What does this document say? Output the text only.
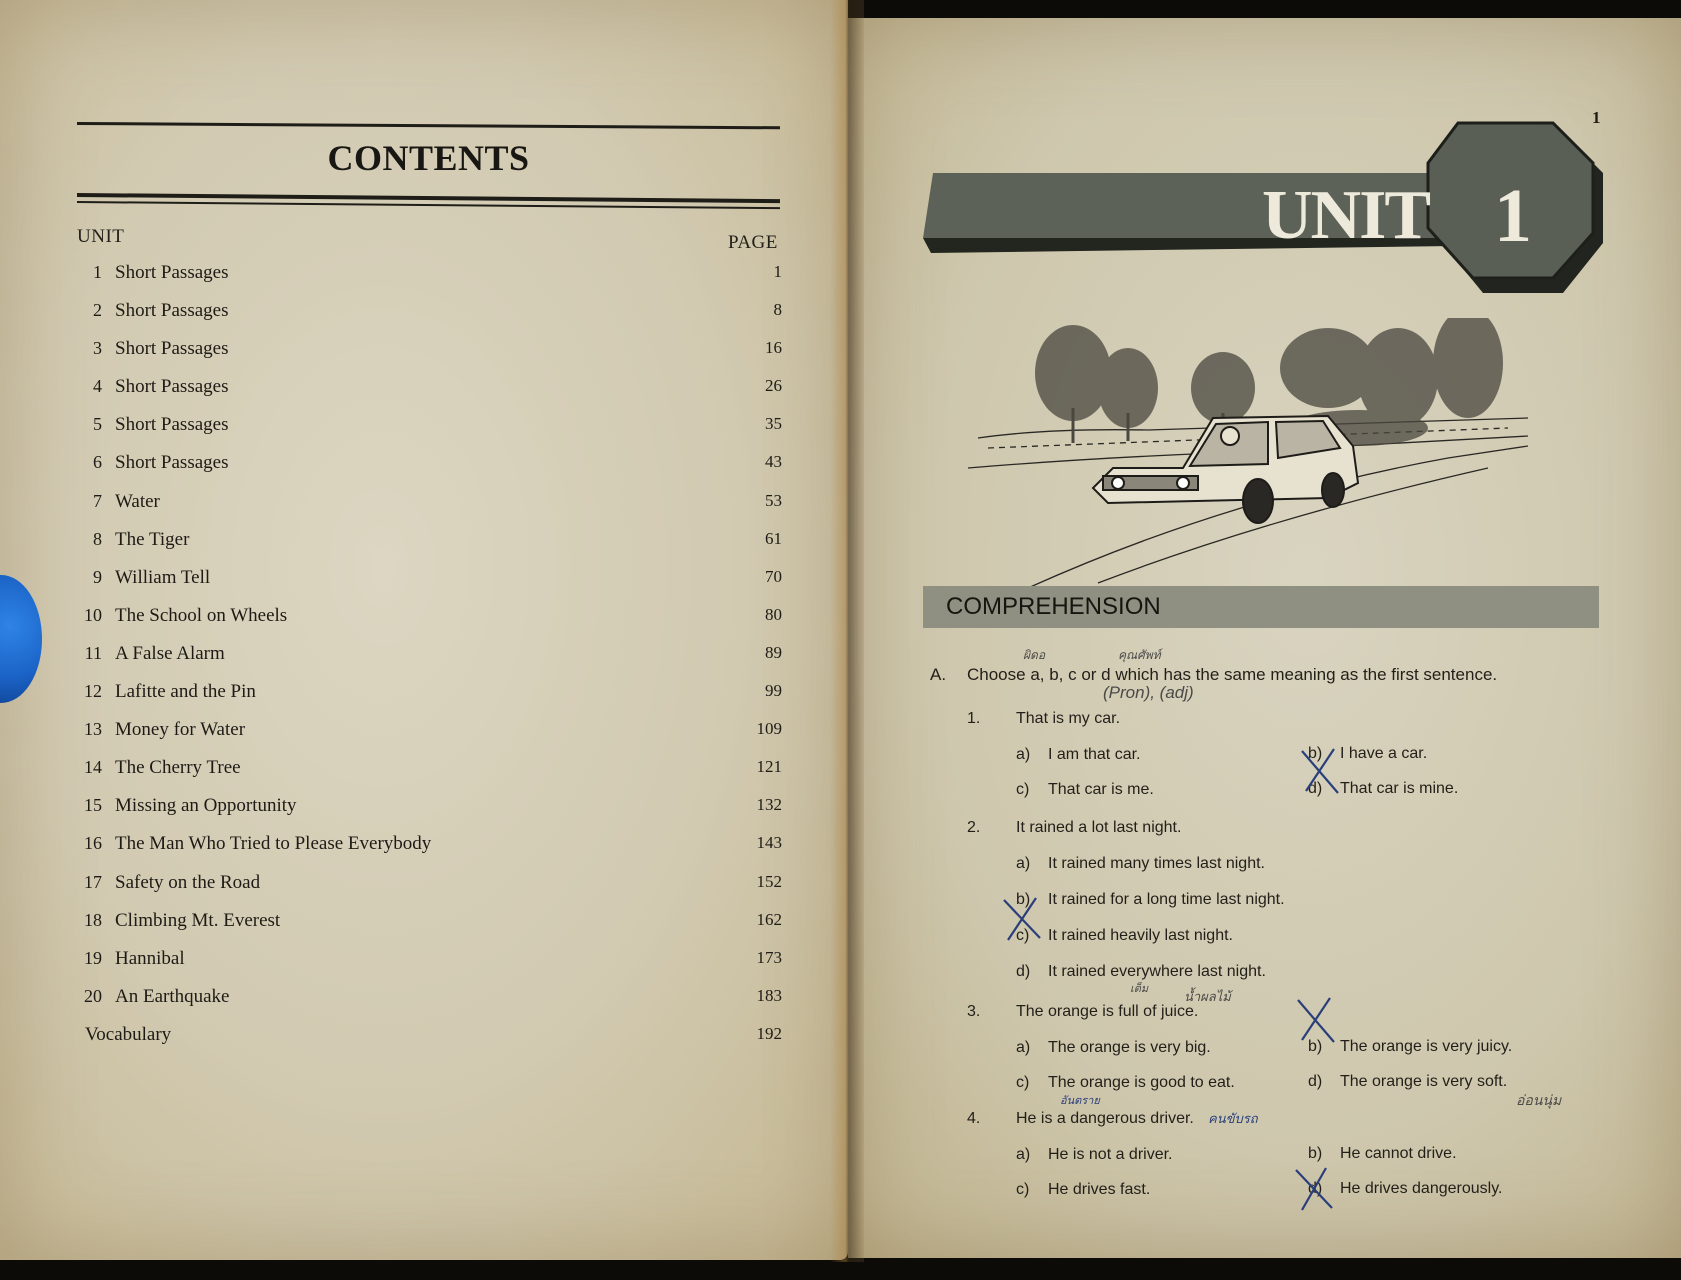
CONTENTS
UNIT	PAGE
1 Short Passages	1
2 Short Passages	8
3 Short Passages	16
4 Short Passages	26
5 Short Passages	35
6 Short Passages	43
7 Water	53
8 The Tiger	61
9 William Tell	70
10 The School on Wheels	80
11 A False Alarm	89
12 Lafitte and the Pin	99
13 Money for Water	109
14 The Cherry Tree	121
15 Missing an Opportunity	132
16 The Man Who Tried to Please Everybody	143
17 Safety on the Road	152
18 Climbing Mt. Everest	162
19 Hannibal	173
20 An Earthquake	183
Vocabulary	192
1
UNIT 1
COMPREHENSION
A. Choose a, b, c or d which has the same meaning as the first sentence.
1. That is my car.
a) I am that car.	b) I have a car.
c) That car is me.	d) That car is mine.
2. It rained a lot last night.
a) It rained many times last night.
b) It rained for a long time last night.
c) It rained heavily last night.
d) It rained everywhere last night.
3. The orange is full of juice.
a) The orange is very big.	b) The orange is very juicy.
c) The orange is good to eat.	d) The orange is very soft.
4. He is a dangerous driver.
a) He is not a driver.	b) He cannot drive.
c) He drives fast.	d) He drives dangerously.
ผิดอ	คุณศัพท์
(Pron), (adj)
เต็ม	น้ำผลไม้
อันตราย
คนขับรถ
อ่อนนุ่ม
